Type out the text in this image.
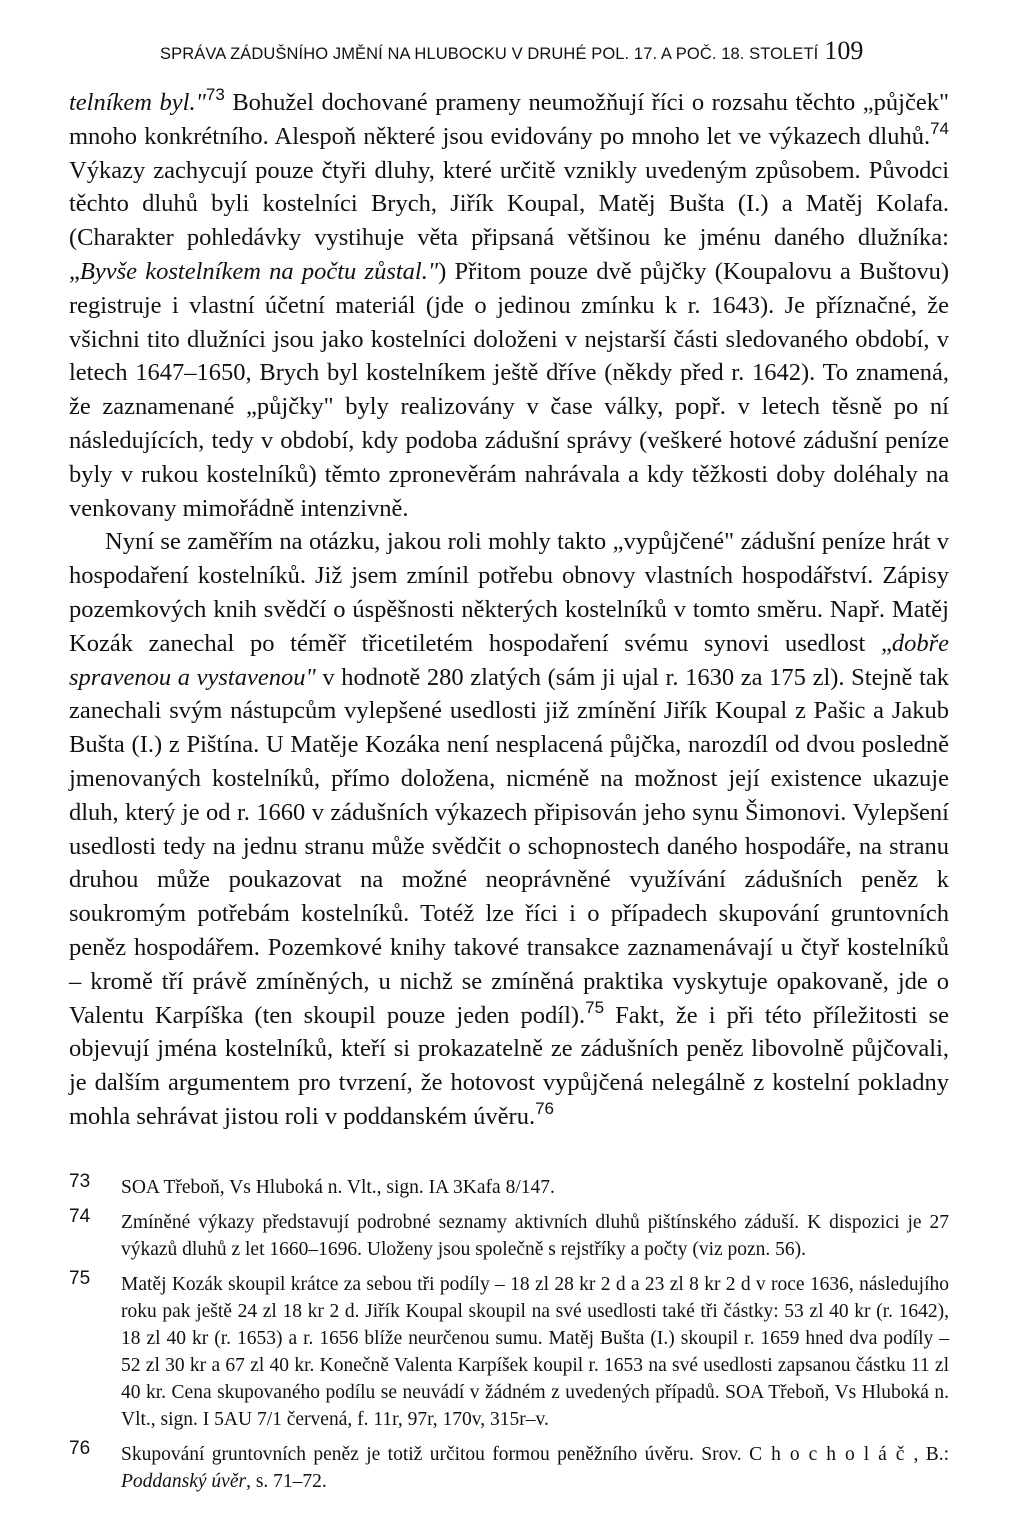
SPRÁVA ZÁDUŠNÍHO JMĚNÍ NA HLUBOCKU V DRUHÉ POL. 17. A POČ. 18. STOLETÍ 109

telníkem byl."$^{73}$ Bohužel dochované prameny neumožňují říci o rozsahu těchto „půjček" mnoho konkrétního. Alespoň některé jsou evidovány po mnoho let ve výkazech dluhů.$^{74}$ Výkazy zachycují pouze čtyři dluhy, které určitě vznikly uvedeným způsobem. Původci těchto dluhů byli kostelníci Brych, Jiřík Koupal, Matěj Bušta (I.) a Matěj Kolafa. (Charakter pohledávky vystihuje věta připsaná většinou ke jménu daného dlužníka: „Byvše kostelníkem na počtu zůstal.") Přitom pouze dvě půjčky (Koupalovu a Buštovu) registruje i vlastní účetní materiál (jde o jedinou zmínku k r. 1643). Je příznačné, že všichni tito dlužníci jsou jako kostelníci doloženi v nejstarší části sledovaného období, v letech 1647–1650, Brych byl kostelníkem ještě dříve (někdy před r. 1642). To znamená, že zaznamenané „půjčky" byly realizovány v čase války, popř. v letech těsně po ní následujících, tedy v období, kdy podoba zádušní správy (veškeré hotové zádušní peníze byly v rukou kostelníků) těmto zpronevěrám nahrávala a kdy těžkosti doby doléhaly na venkovany mimořádně intenzivně.

Nyní se zaměřím na otázku, jakou roli mohly takto „vypůjčené" zádušní peníze hrát v hospodaření kostelníků. Již jsem zmínil potřebu obnovy vlastních hospodářství. Zápisy pozemkových knih svědčí o úspěšnosti některých kostelníků v tomto směru. Např. Matěj Kozák zanechal po téměř třicetiletém hospodaření svému synovi usedlost „dobře spravenou a vystavenou" v hodnotě 280 zlatých (sám ji ujal r. 1630 za 175 zl). Stejně tak zanechali svým nástupcům vylepšené usedlosti již zmínění Jiřík Koupal z Pašic a Jakub Bušta (I.) z Pištína. U Matěje Kozáka není nesplacená půjčka, narozdíl od dvou posledně jmenovaných kostelníků, přímo doložena, nicméně na možnost její existence ukazuje dluh, který je od r. 1660 v zádušních výkazech připisován jeho synu Šimonovi. Vylepšení usedlosti tedy na jednu stranu může svědčit o schopnostech daného hospodáře, na stranu druhou může poukazovat na možné neoprávněné využívání zádušních peněz k soukromým potřebám kostelníků. Totéž lze říci i o případech skupování gruntovních peněz hospodářem. Pozemkové knihy takové transakce zaznamenávají u čtyř kostelníků – kromě tří právě zmíněných, u nichž se zmíněná praktika vyskytuje opakovaně, jde o Valentu Karpíška (ten skoupil pouze jeden podíl).$^{75}$ Fakt, že i při této příležitosti se objevují jména kostelníků, kteří si prokazatelně ze zádušních peněz libovolně půjčovali, je dalším argumentem pro tvrzení, že hotovost vypůjčená nelegálně z kostelní pokladny mohla sehrávat jistou roli v poddanském úvěru.$^{76}$

73 SOA Třeboň, Vs Hluboká n. Vlt., sign. IA 3Kafa 8/147.
74 Zmíněné výkazy představují podrobné seznamy aktivních dluhů pištínského záduší. K dispozici je 27 výkazů dluhů z let 1660–1696. Uloženy jsou společně s rejstříky a počty (viz pozn. 56).
75 Matěj Kozák skoupil krátce za sebou tři podíly – 18 zl 28 kr 2 d a 23 zl 8 kr 2 d v roce 1636, následujího roku pak ještě 24 zl 18 kr 2 d. Jiřík Koupal skoupil na své usedlosti také tři částky: 53 zl 40 kr (r. 1642), 18 zl 40 kr (r. 1653) a r. 1656 blíže neurčenou sumu. Matěj Bušta (I.) skoupil r. 1659 hned dva podíly – 52 zl 30 kr a 67 zl 40 kr. Konečně Valenta Karpíšek koupil r. 1653 na své usedlosti zapsanou částku 11 zl 40 kr. Cena skupovaného podílu se neuvádí v žádném z uvedených případů. SOA Třeboň, Vs Hluboká n. Vlt., sign. I 5AU 7/1 červená, f. 11r, 97r, 170v, 315r–v.
76 Skupování gruntovních peněz je totiž určitou formou peněžního úvěru. Srov. Chocholáč, B.: Poddanský úvěr, s. 71–72.
